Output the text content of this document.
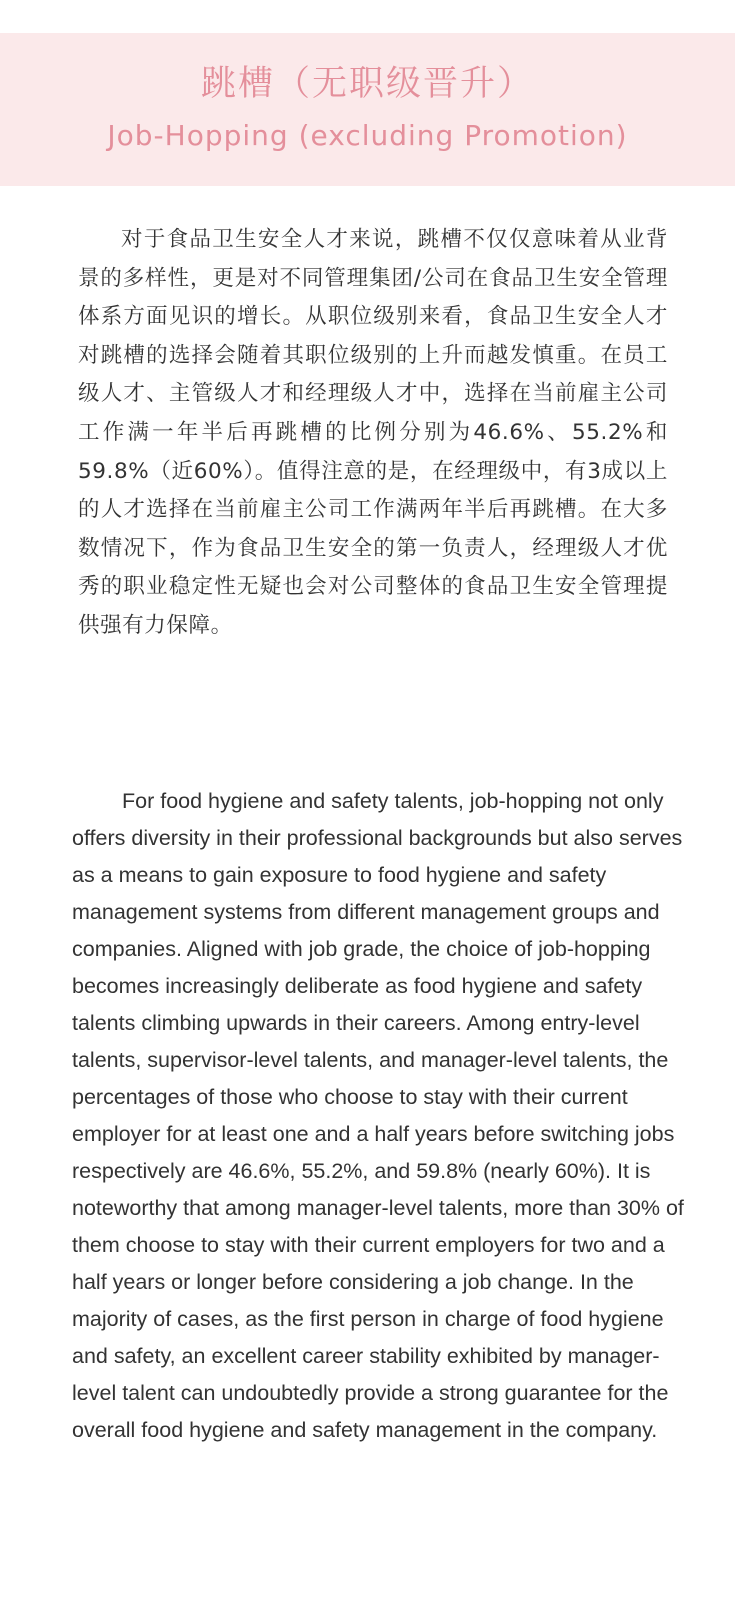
跳槽（无职级晋升）
Job-Hopping (excluding Promotion)

对于食品卫生安全人才来说，跳槽不仅仅意味着从业背景的多样性，更是对不同管理集团/公司在食品卫生安全管理体系方面见识的增长。从职位级别来看，食品卫生安全人才对跳槽的选择会随着其职位级别的上升而越发慎重。在员工级人才、主管级人才和经理级人才中，选择在当前雇主公司工作满一年半后再跳槽的比例分别为46.6%、55.2%和59.8%（近60%）。值得注意的是，在经理级中，有3成以上的人才选择在当前雇主公司工作满两年半后再跳槽。在大多数情况下，作为食品卫生安全的第一负责人，经理级人才优秀的职业稳定性无疑也会对公司整体的食品卫生安全管理提供强有力保障。

For food hygiene and safety talents, job-hopping not only offers diversity in their professional backgrounds but also serves as a means to gain exposure to food hygiene and safety management systems from different management groups and companies. Aligned with job grade, the choice of job-hopping becomes increasingly deliberate as food hygiene and safety talents climbing upwards in their careers. Among entry-level talents, supervisor-level talents, and manager-level talents, the percentages of those who choose to stay with their current employer for at least one and a half years before switching jobs respectively are 46.6%, 55.2%, and 59.8% (nearly 60%). It is noteworthy that among manager-level talents, more than 30% of them choose to stay with their current employers for two and a half years or longer before considering a job change. In the majority of cases, as the first person in charge of food hygiene and safety, an excellent career stability exhibited by manager-level talent can undoubtedly provide a strong guarantee for the overall food hygiene and safety management in the company.
